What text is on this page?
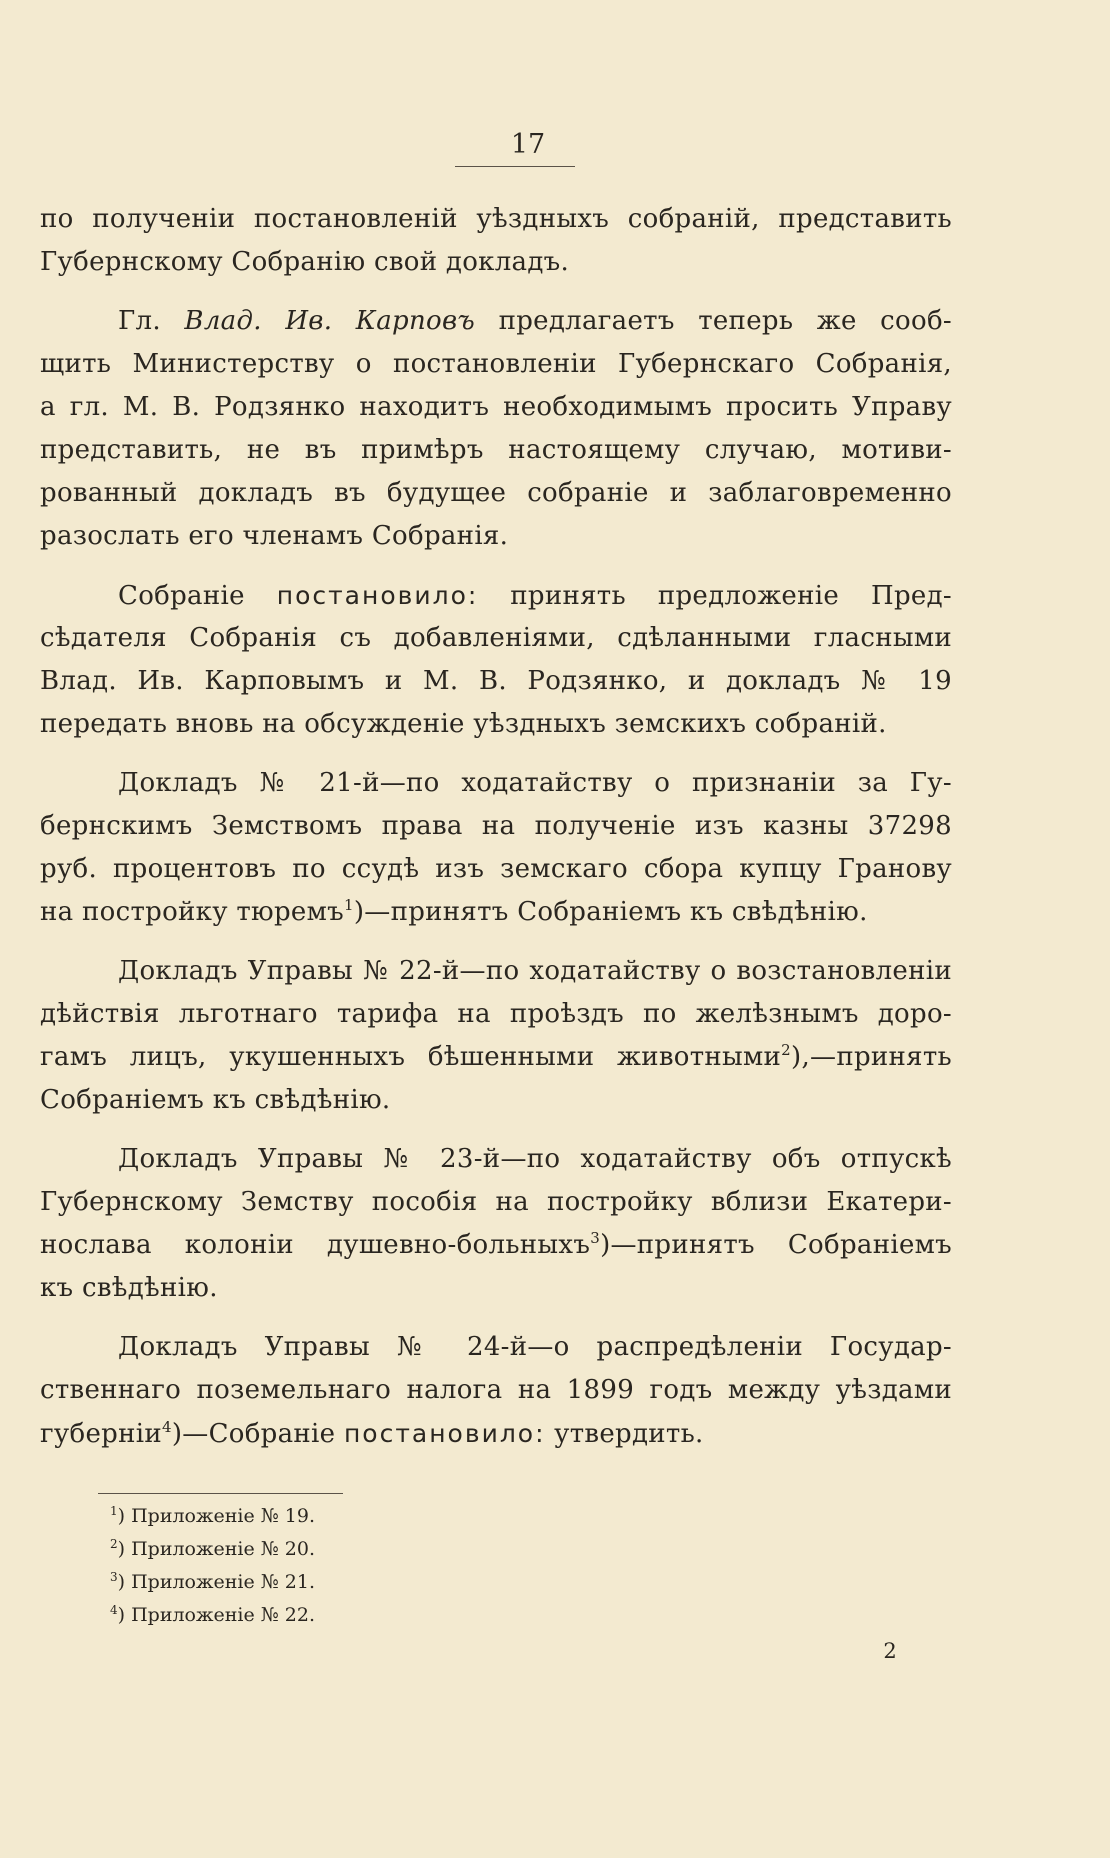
17
по полученіи постановленій уѣздныхъ собраній, представить
Губернскому Собранію свой докладъ.
Гл. Влад. Ив. Карповъ предлагаетъ теперь же сооб-
щить Министерству о постановленіи Губернскаго Собранія,
а гл. М. В. Родзянко находитъ необходимымъ просить Управу
представить, не въ примѣръ настоящему случаю, мотиви-
рованный докладъ въ будущее собраніе и заблаговременно
разослать его членамъ Собранія.
Собраніе постановило: принять предложеніе Пред-
сѣдателя Собранія съ добавленіями, сдѣланными гласными
Влад. Ив. Карповымъ и М. В. Родзянко, и докладъ № 19
передать вновь на обсужденіе уѣздныхъ земскихъ собраній.
Докладъ № 21-й—по ходатайству о признаніи за Гу-
бернскимъ Земствомъ права на полученіе изъ казны 37298
руб. процентовъ по ссудѣ изъ земскаго сбора купцу Гранову
на постройку тюремъ$^1$)—принятъ Собраніемъ къ свѣдѣнію.
Докладъ Управы № 22-й—по ходатайству о возстановленіи
дѣйствія льготнаго тарифа на проѣздъ по желѣзнымъ доро-
гамъ лицъ, укушенныхъ бѣшенными животными$^2$),—принять
Собраніемъ къ свѣдѣнію.
Докладъ Управы № 23-й—по ходатайству объ отпускѣ
Губернскому Земству пособія на постройку вблизи Екатери-
нослава колоніи душевно-больныхъ$^3$)—принятъ Собраніемъ
къ свѣдѣнію.
Докладъ Управы № 24-й—о распредѣленіи Государ-
ственнаго поземельнаго налога на 1899 годъ между уѣздами
губерніи$^4$)—Собраніе постановило: утвердить.
$^1$) Приложеніе № 19.
$^2$) Приложеніе № 20.
$^3$) Приложеніе № 21.
$^4$) Приложеніе № 22.
2
